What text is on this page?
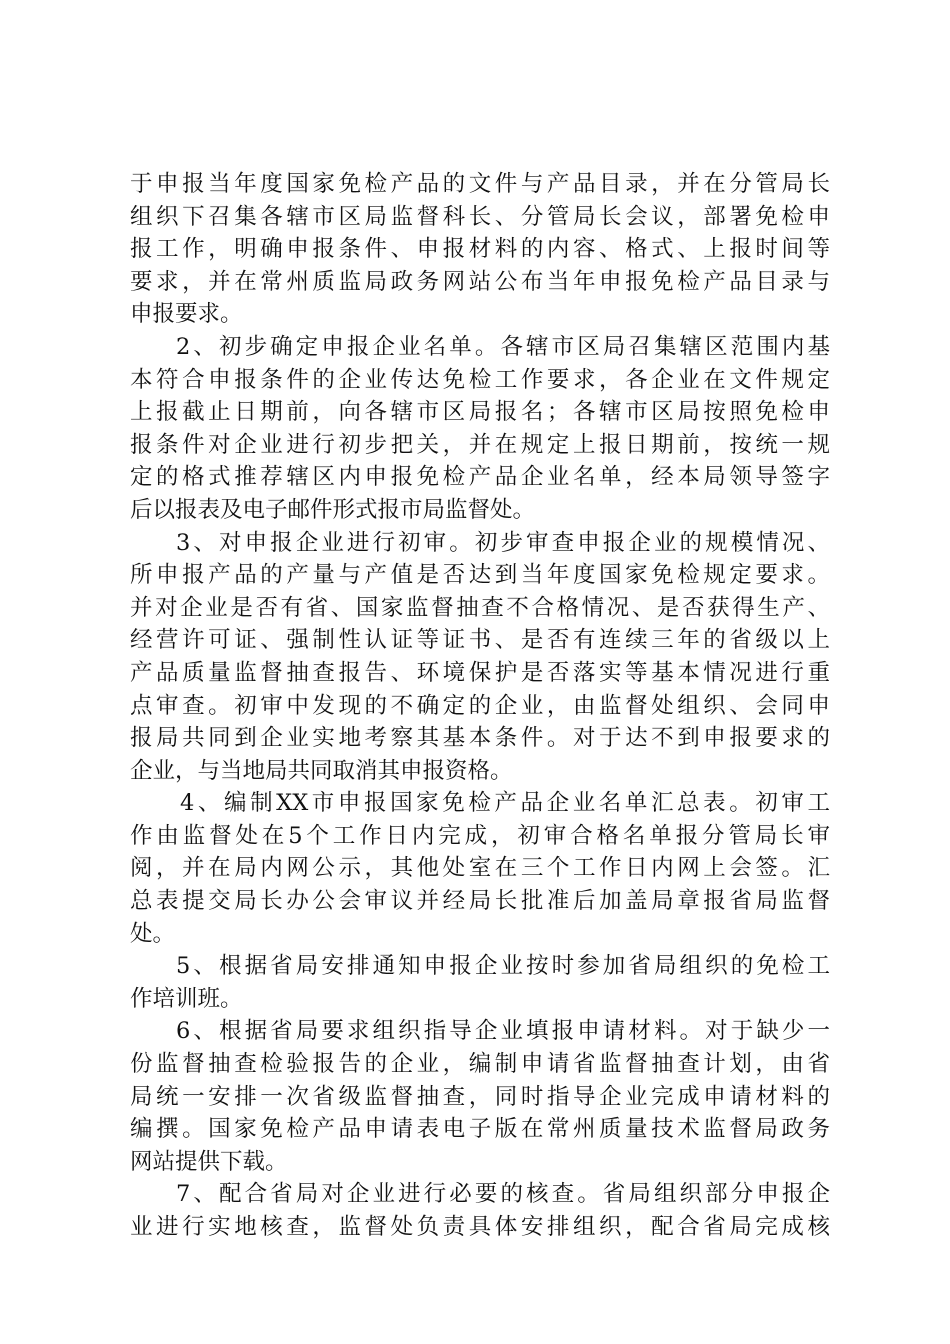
于申报当年度国家免检产品的文件与产品目录，并在分管局长
组织下召集各辖市区局监督科长、分管局长会议，部署免检申
报工作，明确申报条件、申报材料的内容、格式、上报时间等
要求，并在常州质监局政务网站公布当年申报免检产品目录与
申报要求。
2、初步确定申报企业名单。各辖市区局召集辖区范围内基
本符合申报条件的企业传达免检工作要求，各企业在文件规定
上报截止日期前，向各辖市区局报名；各辖市区局按照免检申
报条件对企业进行初步把关，并在规定上报日期前，按统一规
定的格式推荐辖区内申报免检产品企业名单，经本局领导签字
后以报表及电子邮件形式报市局监督处。
3、对申报企业进行初审。初步审查申报企业的规模情况、
所申报产品的产量与产值是否达到当年度国家免检规定要求。
并对企业是否有省、国家监督抽查不合格情况、是否获得生产、
经营许可证、强制性认证等证书、是否有连续三年的省级以上
产品质量监督抽查报告、环境保护是否落实等基本情况进行重
点审查。初审中发现的不确定的企业，由监督处组织、会同申
报局共同到企业实地考察其基本条件。对于达不到申报要求的
企业，与当地局共同取消其申报资格。
4、编制XX市申报国家免检产品企业名单汇总表。初审工
作由监督处在5个工作日内完成，初审合格名单报分管局长审
阅，并在局内网公示，其他处室在三个工作日内网上会签。汇
总表提交局长办公会审议并经局长批准后加盖局章报省局监督
处。
5、根据省局安排通知申报企业按时参加省局组织的免检工
作培训班。
6、根据省局要求组织指导企业填报申请材料。对于缺少一
份监督抽查检验报告的企业，编制申请省监督抽查计划，由省
局统一安排一次省级监督抽查，同时指导企业完成申请材料的
编撰。国家免检产品申请表电子版在常州质量技术监督局政务
网站提供下载。
7、配合省局对企业进行必要的核查。省局组织部分申报企
业进行实地核查，监督处负责具体安排组织，配合省局完成核
